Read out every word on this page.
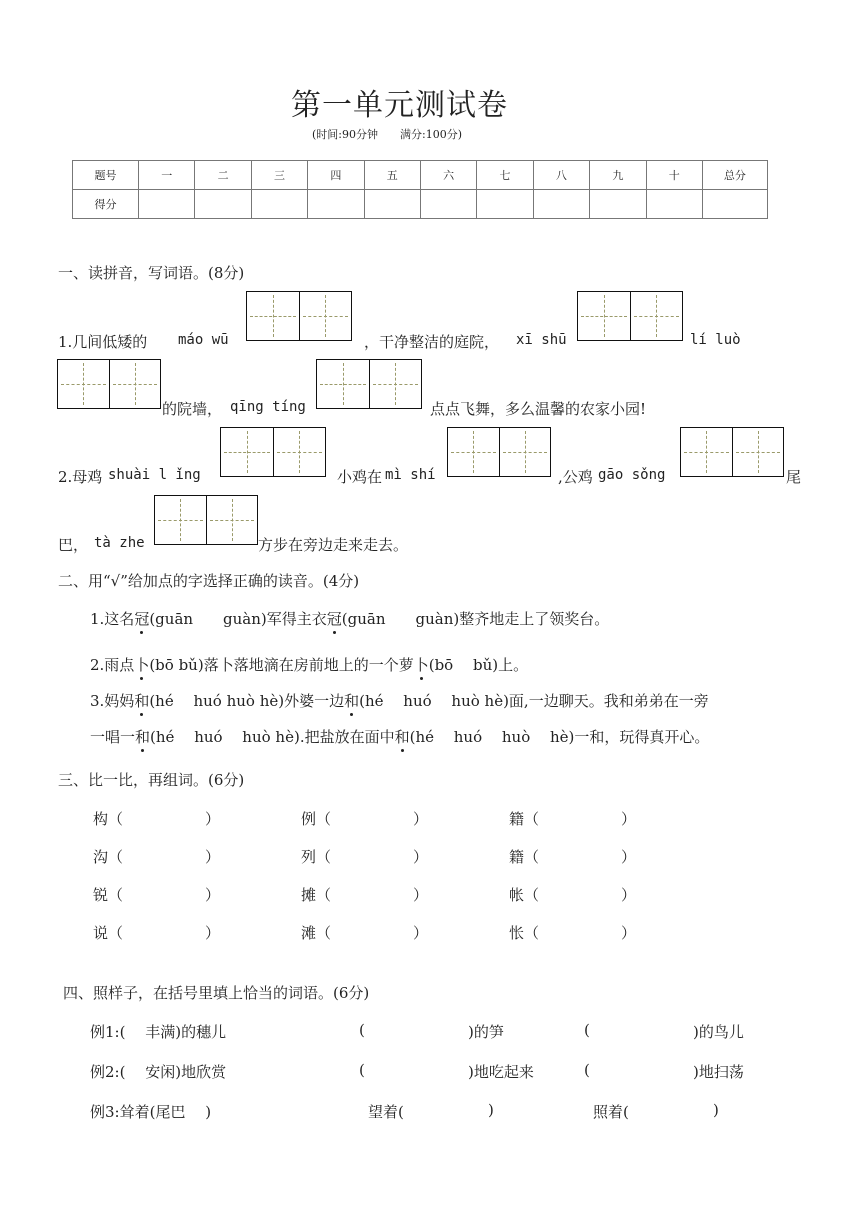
第一单元测试卷
(时间:90分钟　　满分:100分)
题号	一	二	三	四	五	六	七	八	九	十	总分
得分											
一、读拼音，写词语。(8分)
1.几间低矮的 máo wū	，干净整洁的庭院， xī shū	lí luò
的院墙， qīng tíng	点点飞舞，多么温馨的农家小园!
2.母鸡 shuài l ǐng	小鸡在 mì shí	,公鸡 gāo sǒng	尾
巴， tà zhe	方步在旁边走来走去。
二、用“√”给加点的字选择正确的读音。(4分)
1.这名冠(guān　　guàn)军得主衣冠(guān　　guàn)整齐地走上了领奖台。
2.雨点卜(bō bǔ)落卜落地滴在房前地上的一个萝卜(bō　 bǔ)上。
3.妈妈和(hé　 huó huò hè)外婆一边和(hé　 huó　 huò hè)面,一边聊天。我和弟弟在一旁
一唱一和(hé　 huó　 huò hè).把盐放在面中和(hé　 huó　 huò　 hè)一和，玩得真开心。
三、比一比，再组词。(6分)
构（	）	例（	）	籍（	）
沟（	）	列（	）	籍（	）
锐（	）	摊（	）	帐（	）
说（	）	滩（	）	怅（	）
四、照样子，在括号里填上恰当的词语。(6分)
例1:(　 丰满)的穗儿	(	)的笋	(	)的鸟儿
例2:(　 安闲)地欣赏	(	)地吃起来	(	)地扫荡
例3:耸着(尾巴　 )	望着(	)	照着(	)
